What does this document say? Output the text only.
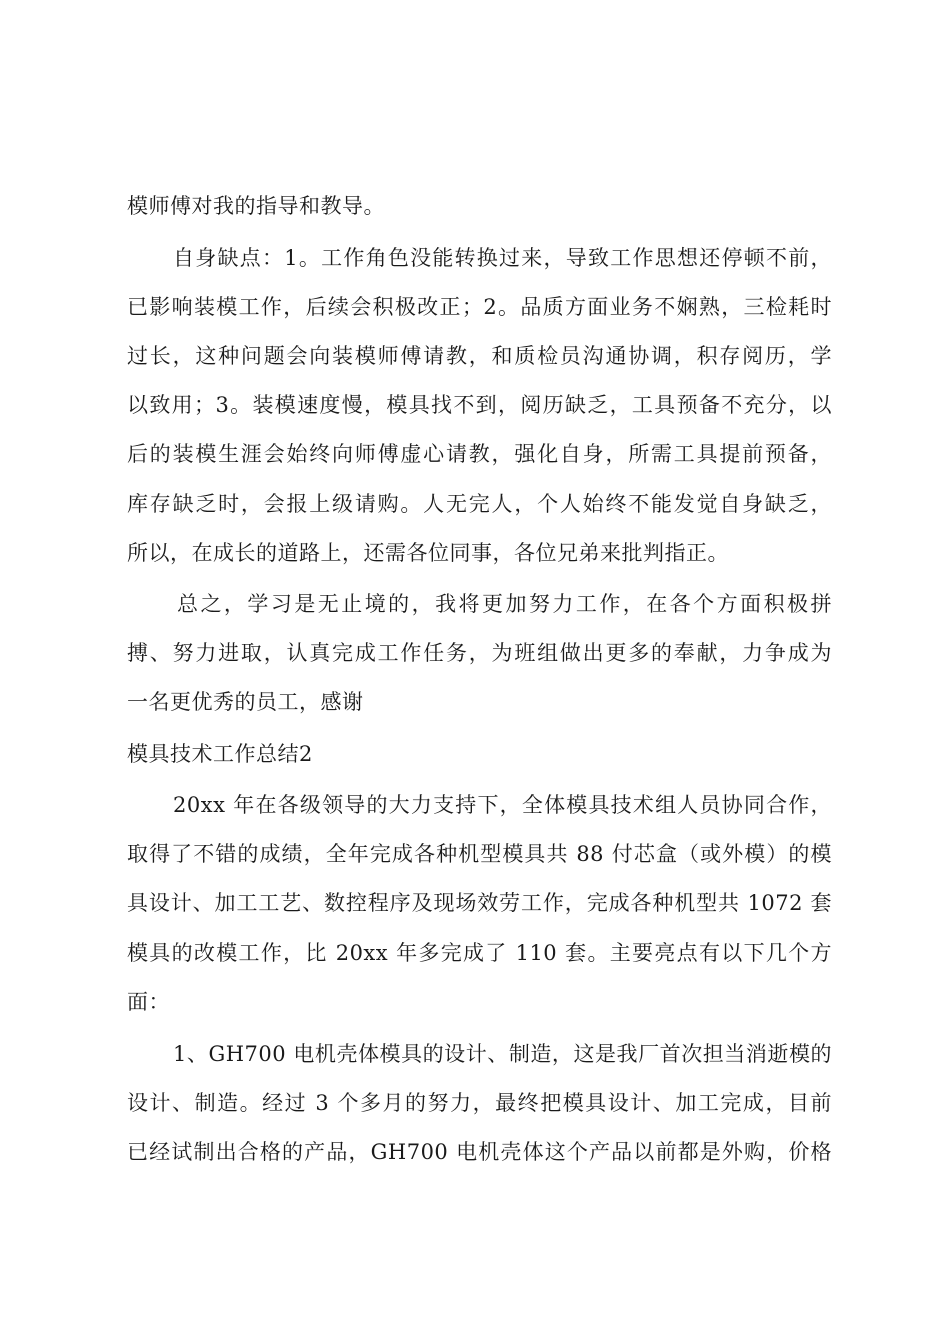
模师傅对我的指导和教导。
自身缺点：1。工作角色没能转换过来，导致工作思想还停顿不前，
已影响装模工作，后续会积极改正；2。品质方面业务不娴熟，三检耗时
过长，这种问题会向装模师傅请教，和质检员沟通协调，积存阅历，学
以致用；3。装模速度慢，模具找不到，阅历缺乏，工具预备不充分，以
后的装模生涯会始终向师傅虚心请教，强化自身，所需工具提前预备，
库存缺乏时，会报上级请购。人无完人，个人始终不能发觉自身缺乏，
所以，在成长的道路上，还需各位同事，各位兄弟来批判指正。
总之，学习是无止境的，我将更加努力工作，在各个方面积极拼
搏、努力进取，认真完成工作任务，为班组做出更多的奉献，力争成为
一名更优秀的员工，感谢
模具技术工作总结2
20xx 年在各级领导的大力支持下，全体模具技术组人员协同合作，
取得了不错的成绩，全年完成各种机型模具共 88 付芯盒（或外模）的模
具设计、加工工艺、数控程序及现场效劳工作，完成各种机型共 1072 套
模具的改模工作，比 20xx 年多完成了 110 套。主要亮点有以下几个方
面：
1、GH700 电机壳体模具的设计、制造，这是我厂首次担当消逝模的
设计、制造。经过 3 个多月的努力，最终把模具设计、加工完成，目前
已经试制出合格的产品，GH700 电机壳体这个产品以前都是外购，价格
